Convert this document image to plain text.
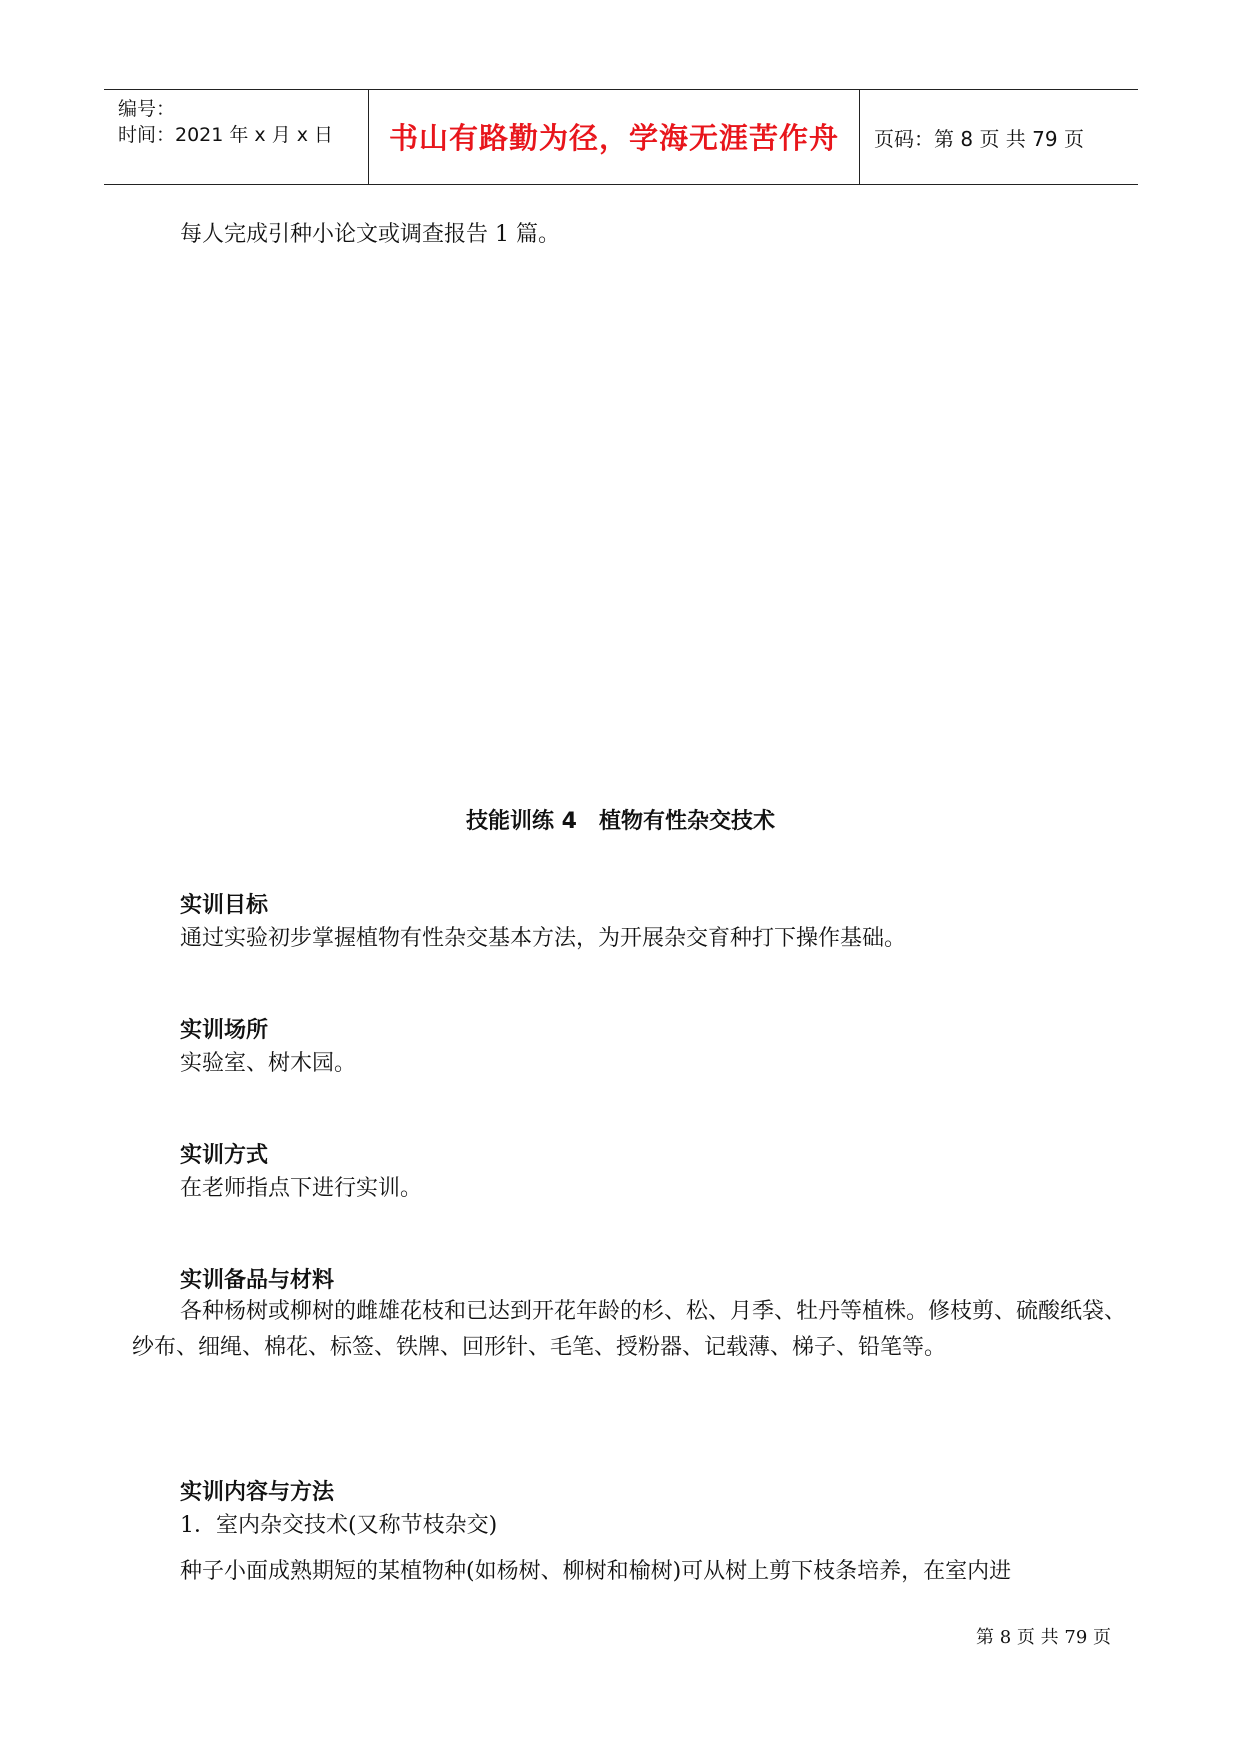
编号：
时间：2021 年 x 月 x 日	书山有路勤为径，学海无涯苦作舟	页码：第 8 页 共 79 页
每人完成引种小论文或调查报告 1 篇。
技能训练 4　植物有性杂交技术
实训目标
通过实验初步掌握植物有性杂交基本方法，为开展杂交育种打下操作基础。
实训场所
实验室、树木园。
实训方式
在老师指点下进行实训。
实训备品与材料
各种杨树或柳树的雌雄花枝和已达到开花年龄的杉、松、月季、牡丹等植株。修枝剪、硫酸纸袋、纱布、细绳、棉花、标签、铁牌、回形针、毛笔、授粉器、记载薄、梯子、铅笔等。
实训内容与方法
1．室内杂交技术(又称节枝杂交)
种子小面成熟期短的某植物种(如杨树、柳树和榆树)可从树上剪下枝条培养，在室内进
第 8 页 共 79 页
